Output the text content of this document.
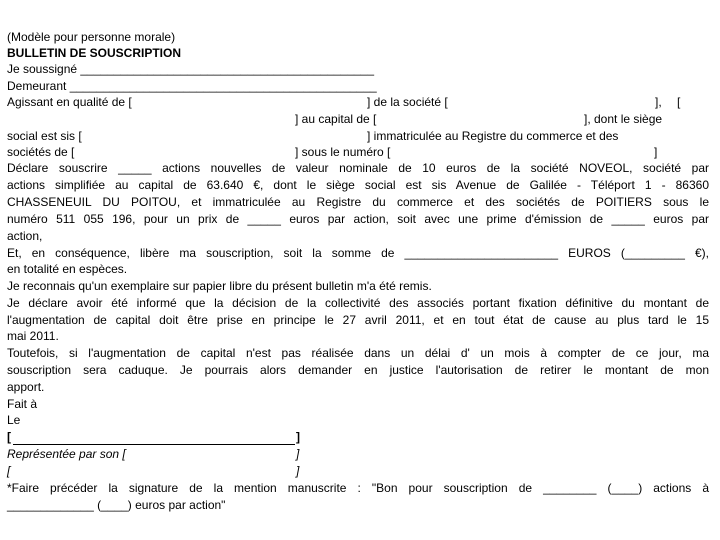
(Modèle pour personne morale)
BULLETIN DE SOUSCRIPTION
Je soussigné ____________________________________________
Demeurant ______________________________________________
Agissant en qualité de [	] de la société [	], [
] au capital de [	], dont le siège
social est sis [	] immatriculée au Registre du commerce et des
sociétés de [	] sous le numéro [	]
Déclare souscrire _____ actions nouvelles de valeur nominale de 10 euros de la société NOVEOL, société par
actions simplifiée au capital de 63.640 €, dont le siège social est sis Avenue de Galilée - Téléport 1 - 86360
CHASSENEUIL DU POITOU, et immatriculée au Registre du commerce et des sociétés de POITIERS sous le
numéro 511 055 196, pour un prix de _____ euros par action, soit avec une prime d'émission de _____ euros par
action,
Et, en conséquence, libère ma souscription, soit la somme de _______________________ EUROS (_________ €),
en totalité en espèces.
Je reconnais qu'un exemplaire sur papier libre du présent bulletin m'a été remis.
Je déclare avoir été informé que la décision de la collectivité des associés portant fixation définitive du montant de
l'augmentation de capital doit être prise en principe le 27 avril 2011, et en tout état de cause au plus tard le 15
mai 2011.
Toutefois, si l'augmentation de capital n'est pas réalisée dans un délai d' un mois à compter de ce jour, ma
souscription sera caduque. Je pourrais alors demander en justice l'autorisation de retirer le montant de mon
apport.
Fait à
Le
[	]
Représentée par son [	]
[	]
*Faire précéder la signature de la mention manuscrite : "Bon pour souscription de ________ (____) actions à
_____________ (____) euros par action"
